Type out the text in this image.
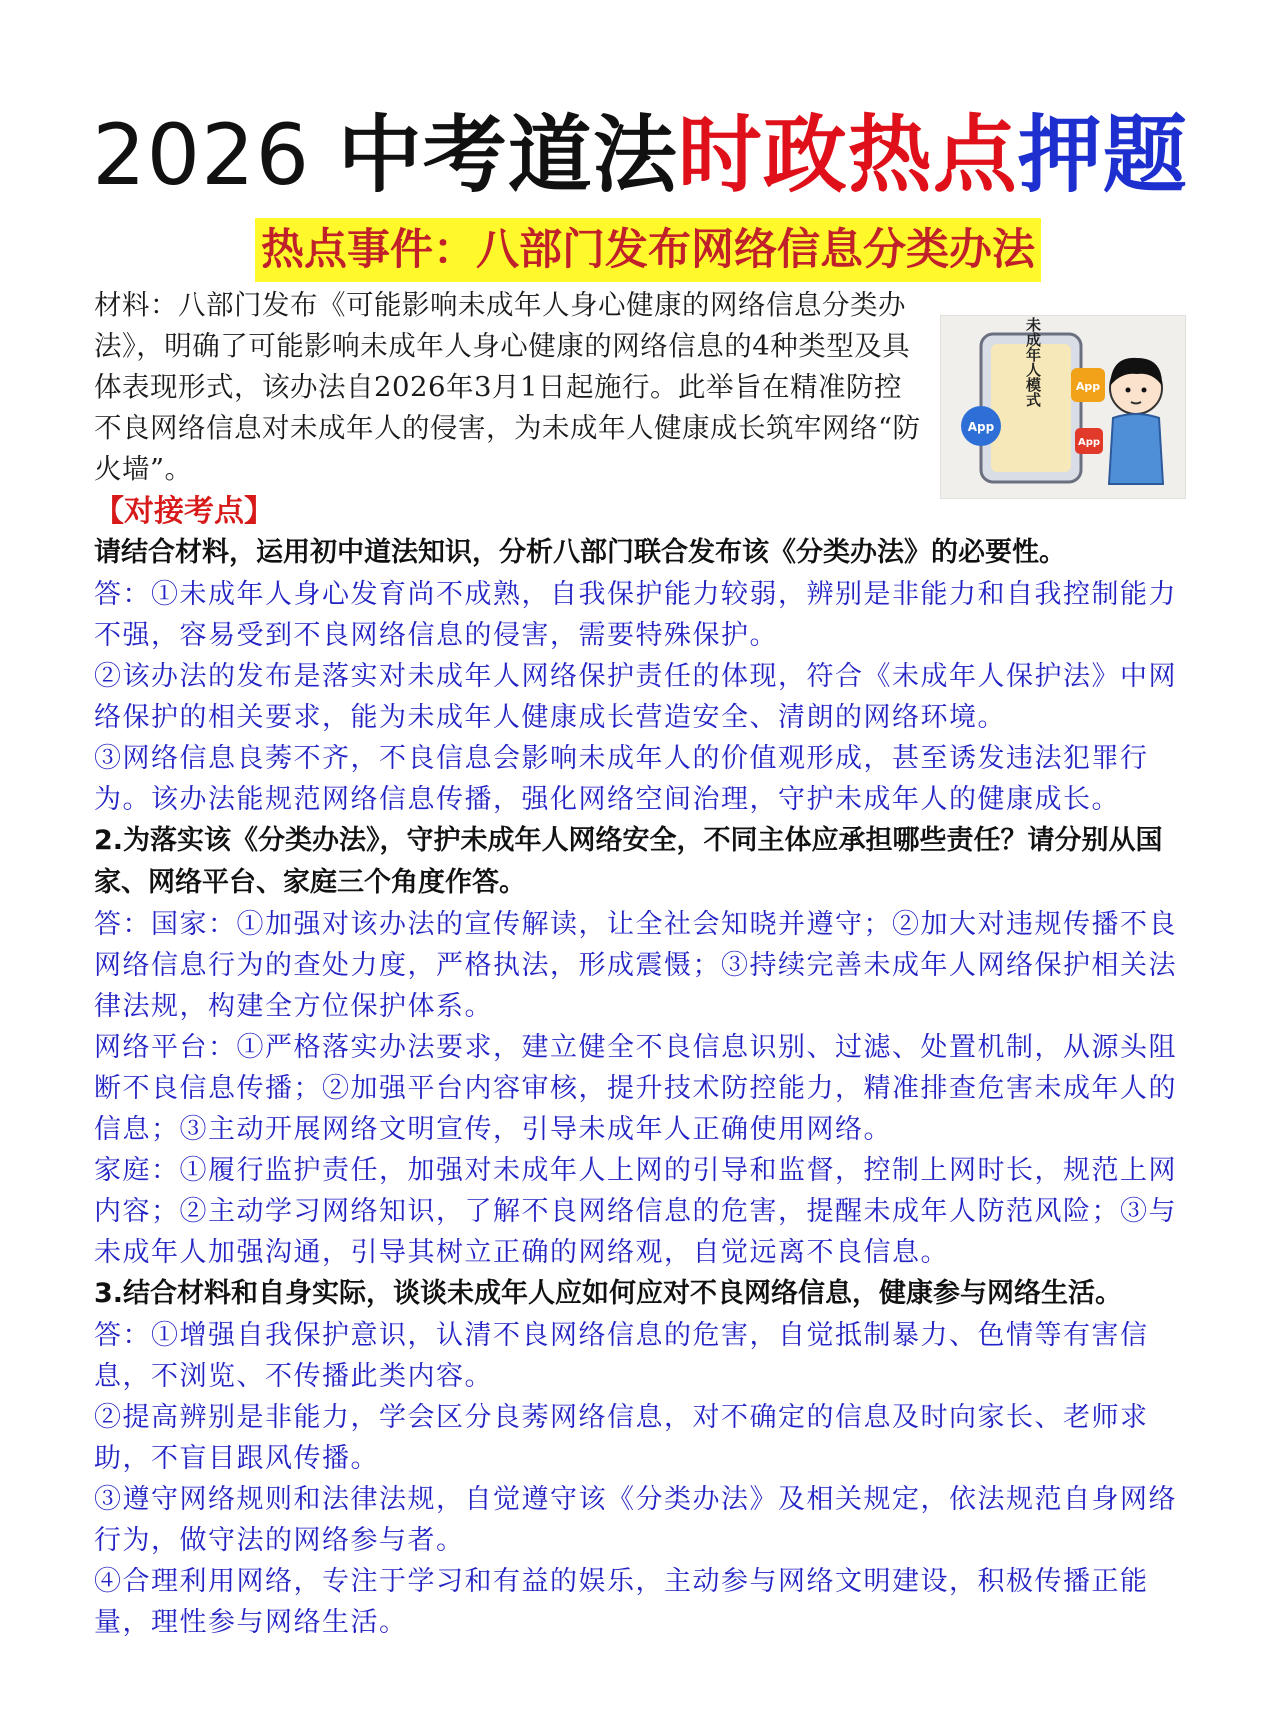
2026 中考道法时政热点押题
热点事件：八部门发布网络信息分类办法
材料：八部门发布《可能影响未成年人身心健康的网络信息分类办法》，明确了可能影响未成年人身心健康的网络信息的4种类型及具体表现形式，该办法自2026年3月1日起施行。此举旨在精准防控不良网络信息对未成年人的侵害，为未成年人健康成长筑牢网络“防火墙”。
未成年人模式
App
App
App
【对接考点】

请结合材料，运用初中道法知识，分析八部门联合发布该《分类办法》的必要性。

答：①未成年人身心发育尚不成熟，自我保护能力较弱，辨别是非能力和自我控制能力不强，容易受到不良网络信息的侵害，需要特殊保护。

②该办法的发布是落实对未成年人网络保护责任的体现，符合《未成年人保护法》中网络保护的相关要求，能为未成年人健康成长营造安全、清朗的网络环境。

③网络信息良莠不齐，不良信息会影响未成年人的价值观形成，甚至诱发违法犯罪行为。该办法能规范网络信息传播，强化网络空间治理，守护未成年人的健康成长。

2.为落实该《分类办法》，守护未成年人网络安全，不同主体应承担哪些责任？请分别从国家、网络平台、家庭三个角度作答。

答：国家：①加强对该办法的宣传解读，让全社会知晓并遵守；②加大对违规传播不良网络信息行为的查处力度，严格执法，形成震慑；③持续完善未成年人网络保护相关法律法规，构建全方位保护体系。

网络平台：①严格落实办法要求，建立健全不良信息识别、过滤、处置机制，从源头阻断不良信息传播；②加强平台内容审核，提升技术防控能力，精准排查危害未成年人的信息；③主动开展网络文明宣传，引导未成年人正确使用网络。

家庭：①履行监护责任，加强对未成年人上网的引导和监督，控制上网时长，规范上网内容；②主动学习网络知识，了解不良网络信息的危害，提醒未成年人防范风险；③与未成年人加强沟通，引导其树立正确的网络观，自觉远离不良信息。

3.结合材料和自身实际，谈谈未成年人应如何应对不良网络信息，健康参与网络生活。

答：①增强自我保护意识，认清不良网络信息的危害，自觉抵制暴力、色情等有害信息，不浏览、不传播此类内容。

②提高辨别是非能力，学会区分良莠网络信息，对不确定的信息及时向家长、老师求助，不盲目跟风传播。

③遵守网络规则和法律法规，自觉遵守该《分类办法》及相关规定，依法规范自身网络行为，做守法的网络参与者。

④合理利用网络，专注于学习和有益的娱乐，主动参与网络文明建设，积极传播正能量，理性参与网络生活。
